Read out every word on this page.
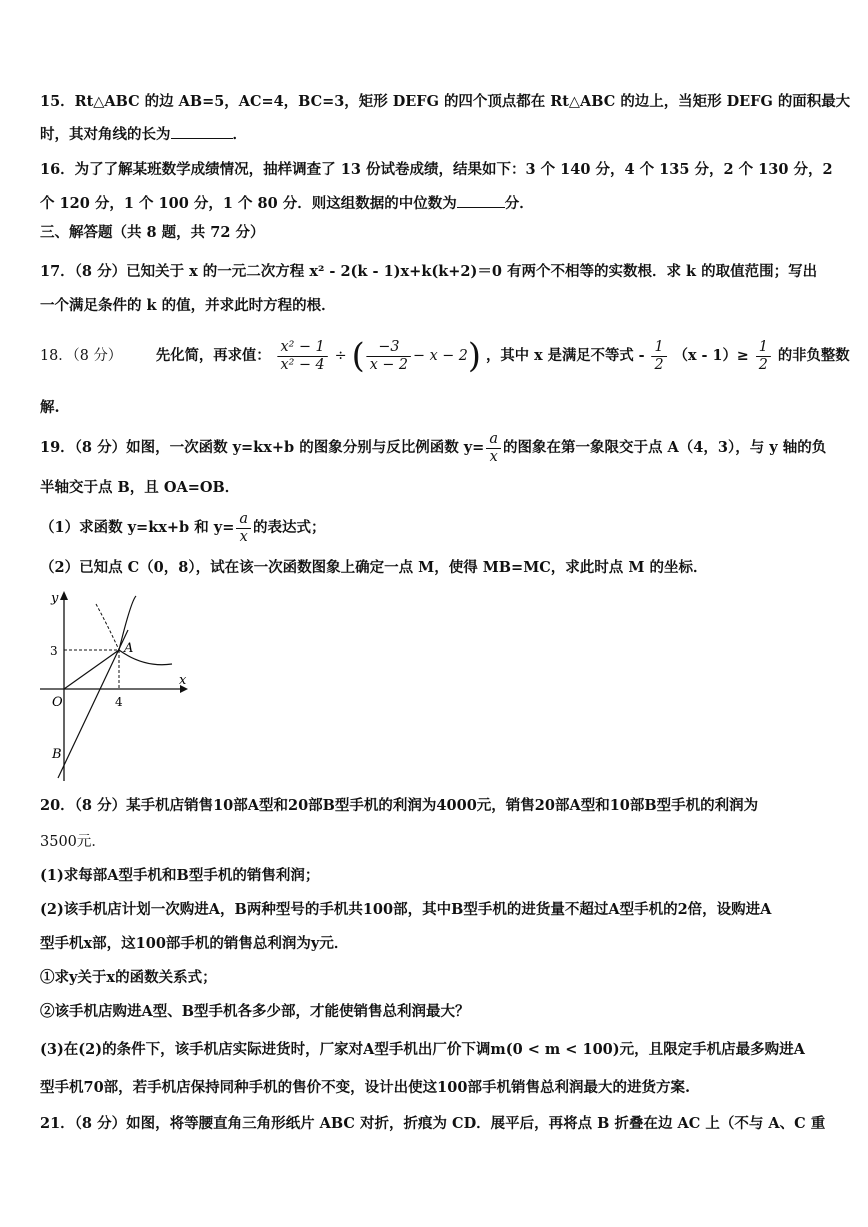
15．Rt△ABC 的边 AB=5，AC=4，BC=3，矩形 DEFG 的四个顶点都在 Rt△ABC 的边上，当矩形 DEFG 的面积最大
时，其对角线的长为	．
16．为了了解某班数学成绩情况，抽样调查了 13 份试卷成绩，结果如下：3 个 140 分，4 个 135 分，2 个 130 分，2
个 120 分，1 个 100 分，1 个 80 分．则这组数据的中位数为	分．
三、解答题（共 8 题，共 72 分）
17．（8 分）已知关于 x 的一元二次方程 x² - 2(k - 1)x+k(k+2)＝0 有两个不相等的实数根．求 k 的取值范围；写出
一个满足条件的 k 的值，并求此时方程的根．
18．（8 分） 先化简，再求值： $\frac{\text{x² − 1}}{\text{x² − 4}}$ ÷ ( $\frac{-3}{x - 2} - x - 2$) ，其中 x 是满足不等式 - $\frac{1}{2} (x - 1)\ge \frac{1}{2}$ 的非负整数
解.
19．（8 分）如图，一次函数 y=kx+b 的图象分别与反比例函数 $y= \frac{a}{x}$ 的图象在第一象限交于点 A（4，3），与 y 轴的负
半轴交于点 B，且 OA=OB．
（1）求函数 y=kx+b 和 $y= \frac{a}{x}$ 的表达式；
（2）已知点 C（0，8），试在该一次函数图象上确定一点 M，使得 MB=MC，求此时点 M 的坐标．
y
x
3
4
O
A
B
20．（8 分）某手机店销售10部A型和20部B型手机的利润为4000元，销售20部A型和10部B型手机的利润为
3500元．
(1)求每部A型手机和B型手机的销售利润；
(2)该手机店计划一次购进A，B两种型号的手机共100部，其中B型手机的进货量不超过A型手机的2倍，设购进A
型手机x部，这100部手机的销售总利润为y元．
①求y关于x的函数关系式；
②该手机店购进A型、B型手机各多少部，才能使销售总利润最大？
(3)在(2)的条件下，该手机店实际进货时，厂家对A型手机出厂价下调m(0 < m < 100)元，且限定手机店最多购进A
型手机70部，若手机店保持同种手机的售价不变，设计出使这100部手机销售总利润最大的进货方案.
21．（8 分）如图，将等腰直角三角形纸片 ABC 对折，折痕为 CD．展平后，再将点 B 折叠在边 AC 上（不与 A、C 重
